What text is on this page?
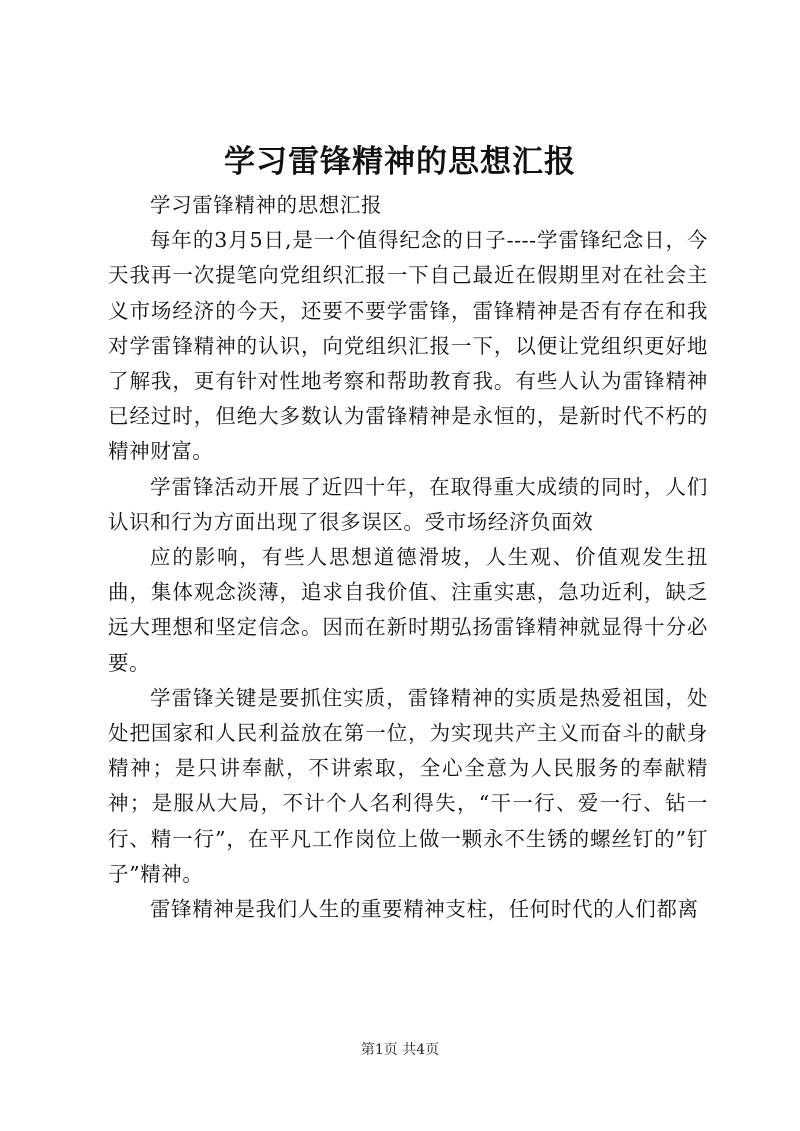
学习雷锋精神的思想汇报

学习雷锋精神的思想汇报

每年的3月5日,是一个值得纪念的日子----学雷锋纪念日，今天我再一次提笔向党组织汇报一下自己最近在假期里对在社会主义市场经济的今天，还要不要学雷锋，雷锋精神是否有存在和我对学雷锋精神的认识，向党组织汇报一下，以便让党组织更好地了解我，更有针对性地考察和帮助教育我。有些人认为雷锋精神已经过时，但绝大多数认为雷锋精神是永恒的，是新时代不朽的精神财富。

学雷锋活动开展了近四十年，在取得重大成绩的同时，人们认识和行为方面出现了很多误区。受市场经济负面效

应的影响，有些人思想道德滑坡，人生观、价值观发生扭曲，集体观念淡薄，追求自我价值、注重实惠，急功近利，缺乏远大理想和坚定信念。因而在新时期弘扬雷锋精神就显得十分必要。

学雷锋关键是要抓住实质，雷锋精神的实质是热爱祖国，处处把国家和人民利益放在第一位，为实现共产主义而奋斗的献身精神；是只讲奉献，不讲索取，全心全意为人民服务的奉献精神；是服从大局，不计个人名利得失，“干一行、爱一行、钻一行、精一行”，在平凡工作岗位上做一颗永不生锈的螺丝钉的”钉子”精神。

雷锋精神是我们人生的重要精神支柱，任何时代的人们都离

第1页 共4页
